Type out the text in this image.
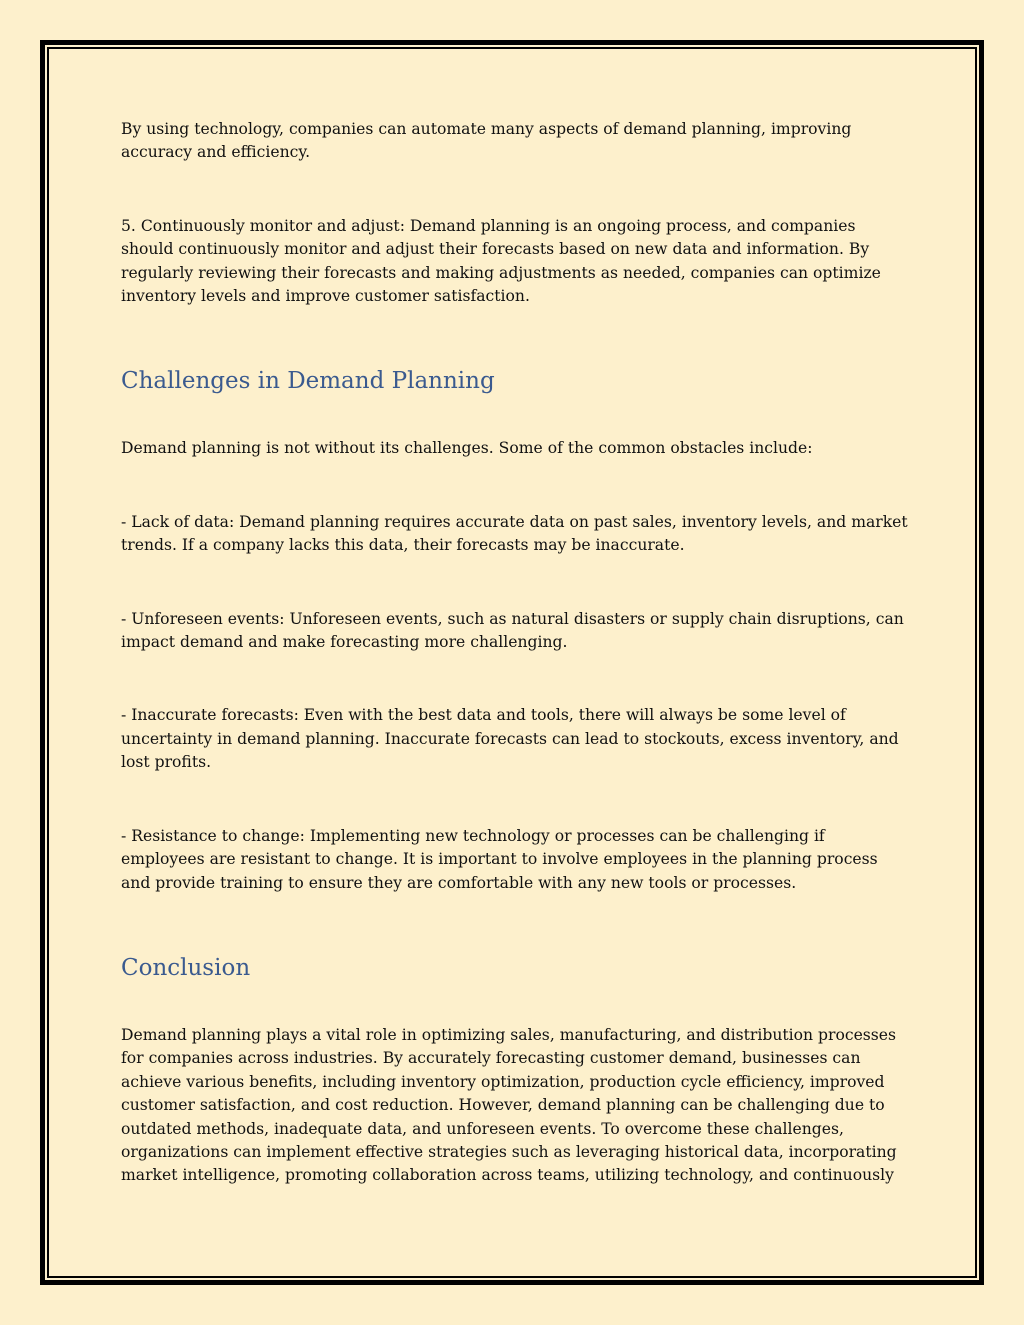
By using technology, companies can automate many aspects of demand planning, improving accuracy and efficiency.

5. Continuously monitor and adjust: Demand planning is an ongoing process, and companies should continuously monitor and adjust their forecasts based on new data and information. By regularly reviewing their forecasts and making adjustments as needed, companies can optimize inventory levels and improve customer satisfaction.

Challenges in Demand Planning

Demand planning is not without its challenges. Some of the common obstacles include:

- Lack of data: Demand planning requires accurate data on past sales, inventory levels, and market trends. If a company lacks this data, their forecasts may be inaccurate.

- Unforeseen events: Unforeseen events, such as natural disasters or supply chain disruptions, can impact demand and make forecasting more challenging.

- Inaccurate forecasts: Even with the best data and tools, there will always be some level of uncertainty in demand planning. Inaccurate forecasts can lead to stockouts, excess inventory, and lost profits.

- Resistance to change: Implementing new technology or processes can be challenging if employees are resistant to change. It is important to involve employees in the planning process and provide training to ensure they are comfortable with any new tools or processes.

Conclusion

Demand planning plays a vital role in optimizing sales, manufacturing, and distribution processes for companies across industries. By accurately forecasting customer demand, businesses can achieve various benefits, including inventory optimization, production cycle efficiency, improved customer satisfaction, and cost reduction. However, demand planning can be challenging due to outdated methods, inadequate data, and unforeseen events. To overcome these challenges, organizations can implement effective strategies such as leveraging historical data, incorporating market intelligence, promoting collaboration across teams, utilizing technology, and continuously
